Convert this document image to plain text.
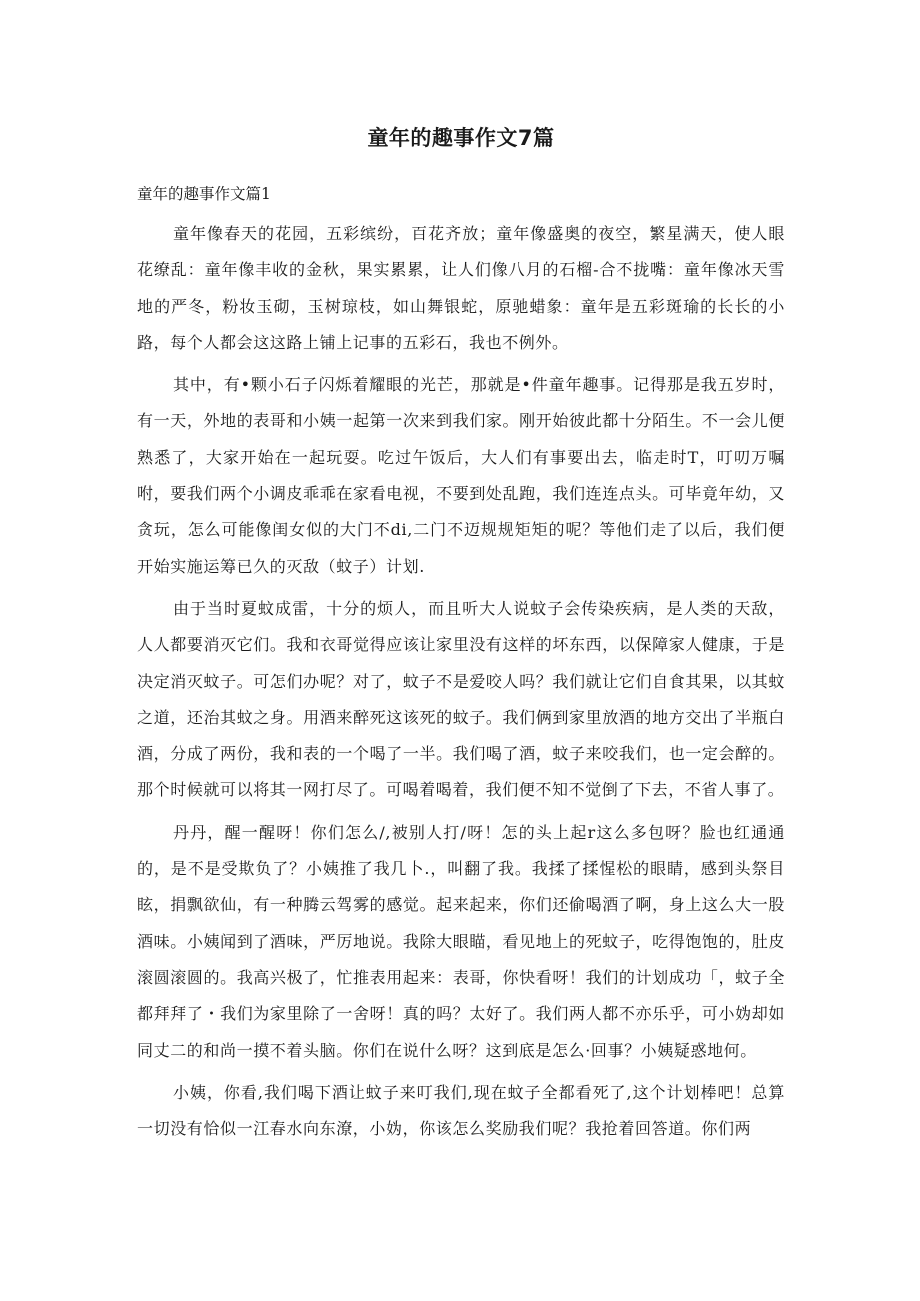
童年的趣事作文7篇
童年的趣事作文篇1

童年像春天的花园，五彩缤纷，百花齐放；童年像盛奥的夜空，繁星满天，使人眼花缭乱：童年像丰收的金秋，果实累累，让人们像八月的石榴-合不拢嘴：童年像冰天雪地的严冬，粉妆玉砌，玉树琼枝，如山舞银蛇，原驰蜡象：童年是五彩斑瑜的长长的小路，每个人都会这这路上铺上记事的五彩石，我也不例外。

其中，有•颗小石子闪烁着耀眼的光芒，那就是•件童年趣事。记得那是我五岁时，有一天，外地的表哥和小姨一起第一次来到我们家。刚开始彼此都十分陌生。不一会儿便熟悉了，大家开始在一起玩耍。吃过午饭后，大人们有事要出去，临走时T，叮叨万嘱咐，要我们两个小调皮乖乖在家看电视，不要到处乱跑，我们连连点头。可毕竟年幼，又贪玩，怎么可能像闺女似的大门不di,二门不迈规规矩矩的呢？等他们走了以后，我们便开始实施运筹已久的灭敌（蚊子）计划.

由于当时夏蚊成雷，十分的烦人，而且听大人说蚊子会传染疾病，是人类的天敌，人人都要消灭它们。我和衣哥觉得应该让家里没有这样的坏东西，以保障家人健康，于是决定消灭蚊子。可怎们办呢？对了，蚊子不是爱咬人吗？我们就让它们自食其果，以其蚊之道，还治其蚊之身。用酒来醉死这该死的蚊子。我们俩到家里放酒的地方交出了半瓶白酒，分成了两份，我和表的一个喝了一半。我们喝了酒，蚊子来咬我们，也一定会醉的。那个时候就可以将其一网打尽了。可喝着喝着，我们便不知不觉倒了下去，不省人事了。

丹丹，醒一醒呀！你们怎么/,被别人打/呀！怎的头上起r这么多包呀？脸也红通通的，是不是受欺负了？小姨推了我几卜.，叫翻了我。我揉了揉惺松的眼睛，感到头祭目眩，捐飘欲仙，有一种腾云驾雾的感觉。起来起来，你们还偷喝酒了啊，身上这么大一股酒味。小姨闻到了酒味，严厉地说。我除大眼瞄，看见地上的死蚊子，吃得饱饱的，肚皮滚圆滚圆的。我高兴极了，忙推表用起来：表哥，你快看呀！我们的计划成功「，蚊子全都拜拜了・我们为家里除了一舍呀！真的吗？太好了。我们两人都不亦乐乎，可小妫却如同丈二的和尚一摸不着头脑。你们在说什么呀？这到底是怎么·回事？小姨疑惑地何。

小姨，你看,我们喝下酒让蚊子来叮我们,现在蚊子全都看死了,这个计划棒吧！总算一切没有恰似一江春水向东潦，小妫，你该怎么奖励我们呢？我抢着回答道。你们两
